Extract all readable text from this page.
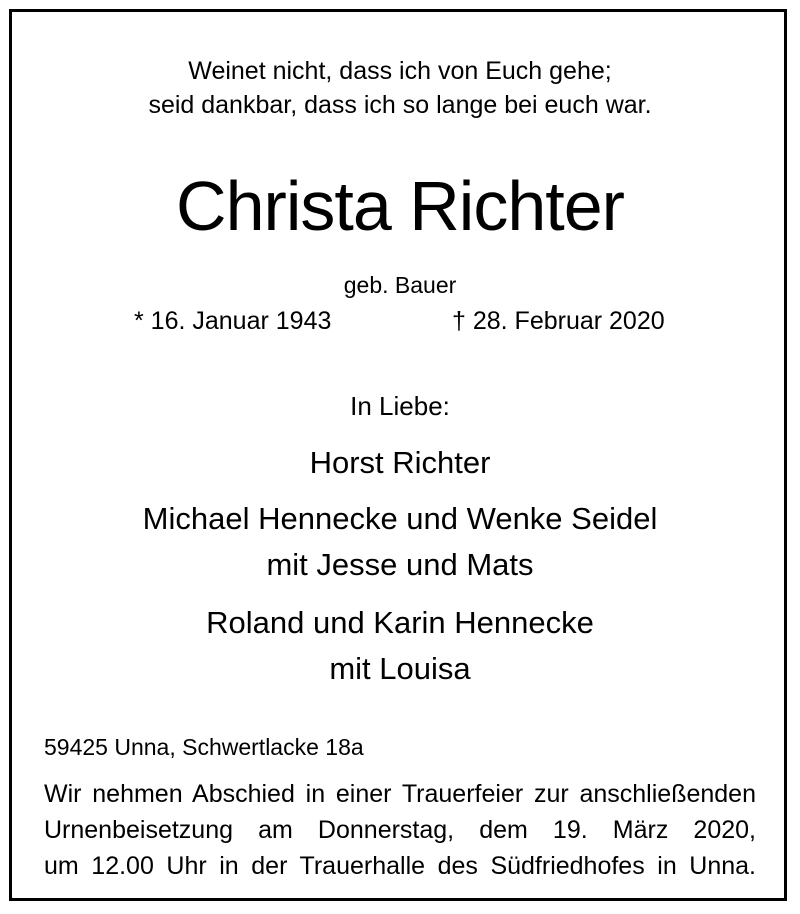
Weinet nicht, dass ich von Euch gehe;
seid dankbar, dass ich so lange bei euch war.
Christa Richter
geb. Bauer
* 16. Januar 1943	† 28. Februar 2020
In Liebe:
Horst Richter
Michael Hennecke und Wenke Seidel
mit Jesse und Mats
Roland und Karin Hennecke
mit Louisa
59425 Unna, Schwertlacke 18a
Wir nehmen Abschied in einer Trauerfeier zur anschließenden
Urnenbeisetzung am Donnerstag, dem 19. März 2020,
um 12.00 Uhr in der Trauerhalle des Südfriedhofes in Unna.
